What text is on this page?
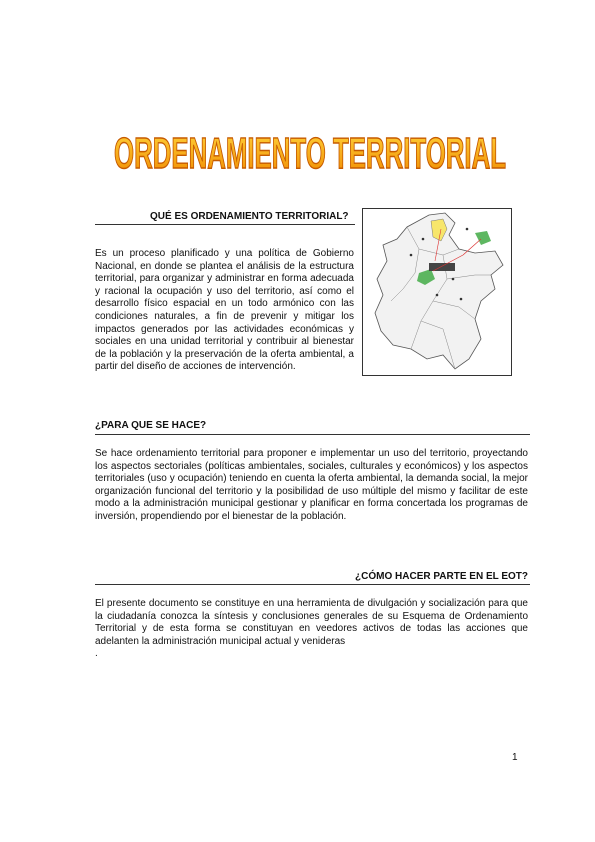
ORDENAMIENTO TERRITORIAL
QUÉ ES ORDENAMIENTO TERRITORIAL?

Es un proceso planificado y una política de Gobierno Nacional, en donde se plantea el análisis de la estructura territorial, para organizar y administrar en forma adecuada y racional la ocupación y uso del territorio, así como el desarrollo físico espacial en un todo armónico con las condiciones naturales, a fin de prevenir y mitigar los impactos generados por las actividades económicas y sociales en una unidad territorial y contribuir al bienestar de la población y la preservación de la oferta ambiental, a partir del diseño de acciones de intervención.

¿PARA QUE SE HACE?

Se hace ordenamiento territorial para proponer e implementar un uso del territorio, proyectando los aspectos sectoriales (políticas ambientales, sociales, culturales y económicos) y los aspectos territoriales (uso y ocupación) teniendo en cuenta la oferta ambiental, la demanda social, la mejor organización funcional del territorio y la posibilidad de uso múltiple del mismo y facilitar de este modo a la administración municipal gestionar y planificar en forma concertada los programas de inversión, propendiendo por el bienestar de la población.

¿CÓMO HACER PARTE EN EL EOT?

El presente documento se constituye en una herramienta de divulgación y socialización para que la ciudadanía conozca la síntesis y conclusiones generales de su Esquema de Ordenamiento Territorial y de esta forma se constituyan en veedores activos de todas las acciones que adelanten la administración municipal actual y venideras

.
1
